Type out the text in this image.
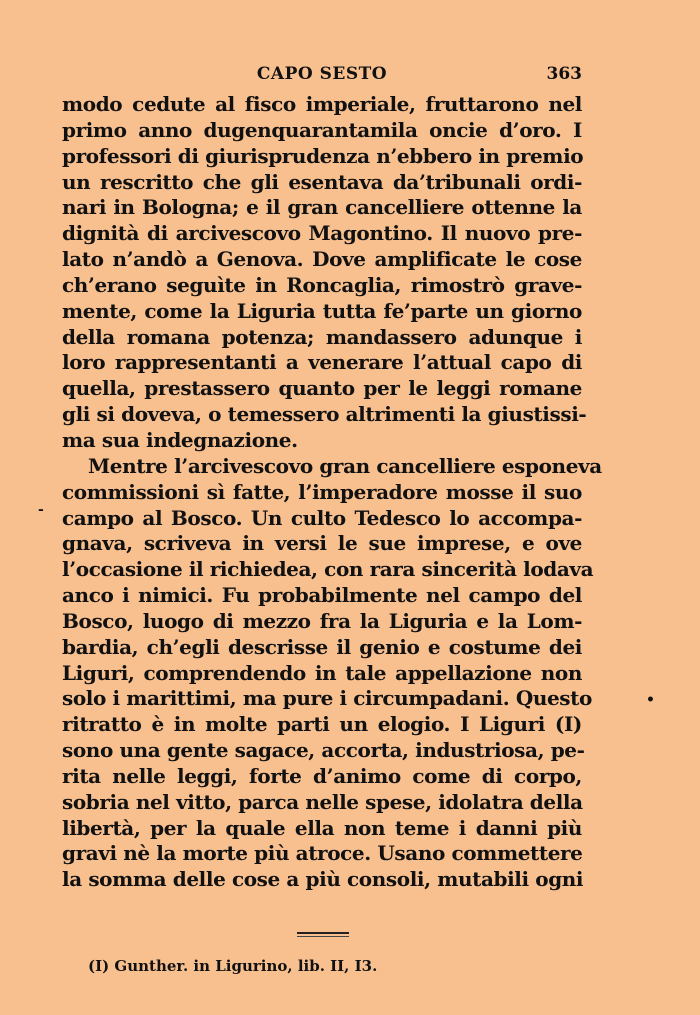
CAPO SESTO	363
modo cedute al fisco imperiale, fruttarono nel
primo anno dugenquarantamila oncie d’oro. I
professori di giurisprudenza n’ebbero in premio
un rescritto che gli esentava da’tribunali ordi-
nari in Bologna; e il gran cancelliere ottenne la
dignità di arcivescovo Magontino. Il nuovo pre-
lato n’andò a Genova. Dove amplificate le cose
ch’erano seguìte in Roncaglia, rimostrò grave-
mente, come la Liguria tutta fe’parte un giorno
della romana potenza; mandassero adunque i
loro rappresentanti a venerare l’attual capo di
quella, prestassero quanto per le leggi romane
gli si doveva, o temessero altrimenti la giustissi-
ma sua indegnazione.
Mentre l’arcivescovo gran cancelliere esponeva
commissioni sì fatte, l’imperadore mosse il suo
campo al Bosco. Un culto Tedesco lo accompa-
gnava, scriveva in versi le sue imprese, e ove
l’occasione il richiedea, con rara sincerità lodava
anco i nimici. Fu probabilmente nel campo del
Bosco, luogo di mezzo fra la Liguria e la Lom-
bardia, ch’egli descrisse il genio e costume dei
Liguri, comprendendo in tale appellazione non
solo i marittimi, ma pure i circumpadani. Questo
ritratto è in molte parti un elogio. I Liguri (I)
sono una gente sagace, accorta, industriosa, pe-
rita nelle leggi, forte d’animo come di corpo,
sobria nel vitto, parca nelle spese, idolatra della
libertà, per la quale ella non teme i danni più
gravi nè la morte più atroce. Usano commettere
la somma delle cose a più consoli, mutabili ogni
-
•
(I) Gunther. in Ligurino, lib. II, I3.
